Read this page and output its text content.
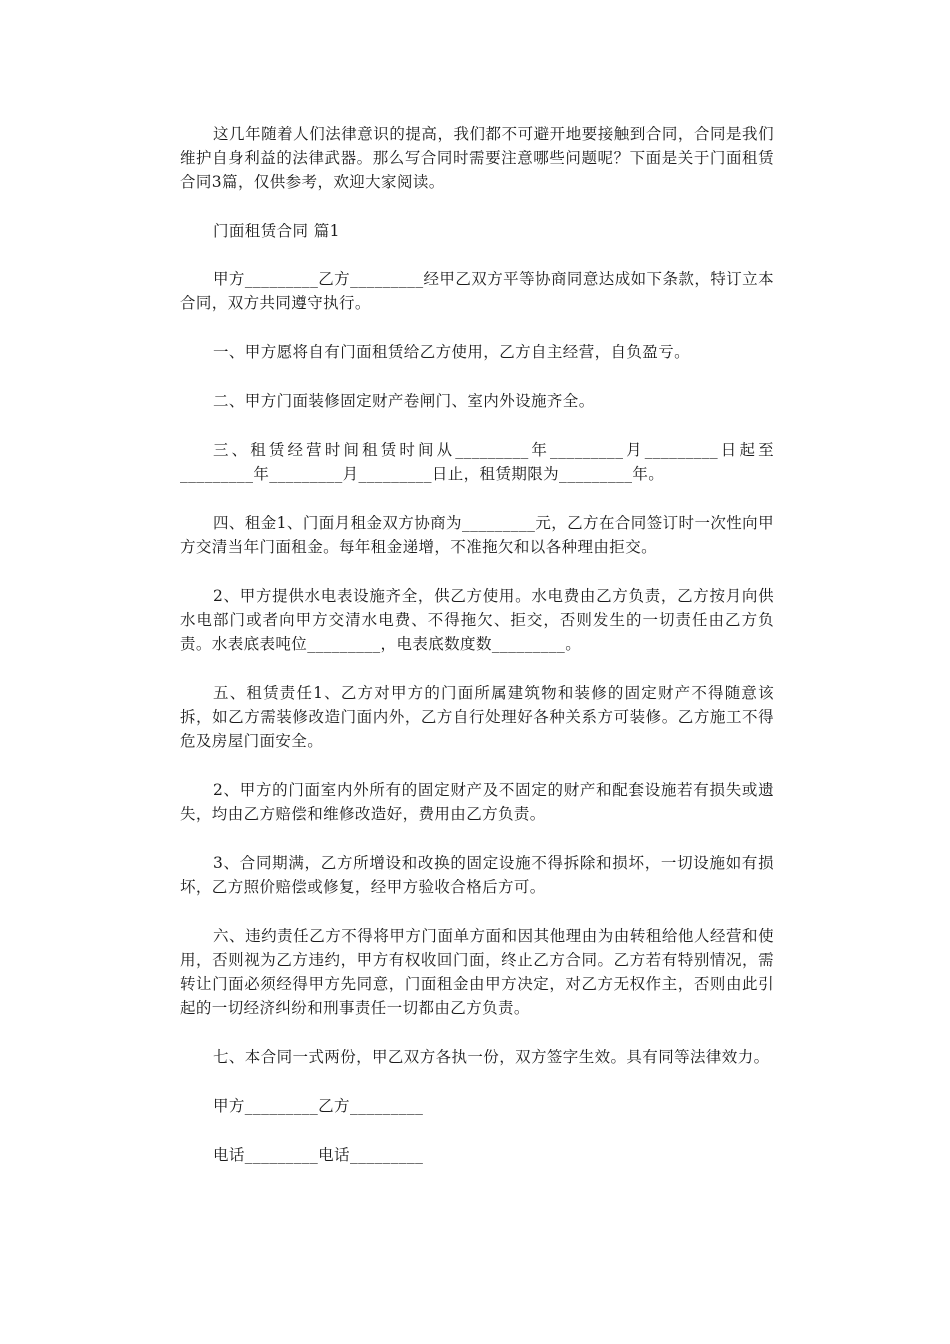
这几年随着人们法律意识的提高，我们都不可避开地要接触到合同，合同是我们维护自身利益的法律武器。那么写合同时需要注意哪些问题呢？下面是关于门面租赁合同3篇，仅供参考，欢迎大家阅读。

门面租赁合同 篇1

甲方_________乙方_________经甲乙双方平等协商同意达成如下条款，特订立本合同，双方共同遵守执行。

一、甲方愿将自有门面租赁给乙方使用，乙方自主经营，自负盈亏。

二、甲方门面装修固定财产卷闸门、室内外设施齐全。

三、租赁经营时间租赁时间从_________年_________月_________日起至_________年_________月_________日止，租赁期限为_________年。

四、租金1、门面月租金双方协商为_________元，乙方在合同签订时一次性向甲方交清当年门面租金。每年租金递增，不准拖欠和以各种理由拒交。

2、甲方提供水电表设施齐全，供乙方使用。水电费由乙方负责，乙方按月向供水电部门或者向甲方交清水电费、不得拖欠、拒交，否则发生的一切责任由乙方负责。水表底表吨位_________，电表底数度数_________。

五、租赁责任1、乙方对甲方的门面所属建筑物和装修的固定财产不得随意该拆，如乙方需装修改造门面内外，乙方自行处理好各种关系方可装修。乙方施工不得危及房屋门面安全。

2、甲方的门面室内外所有的固定财产及不固定的财产和配套设施若有损失或遗失，均由乙方赔偿和维修改造好，费用由乙方负责。

3、合同期满，乙方所增设和改换的固定设施不得拆除和损坏，一切设施如有损坏，乙方照价赔偿或修复，经甲方验收合格后方可。

六、违约责任乙方不得将甲方门面单方面和因其他理由为由转租给他人经营和使用，否则视为乙方违约，甲方有权收回门面，终止乙方合同。乙方若有特别情况，需转让门面必须经得甲方先同意，门面租金由甲方决定，对乙方无权作主，否则由此引起的一切经济纠纷和刑事责任一切都由乙方负责。

七、本合同一式两份，甲乙双方各执一份，双方签字生效。具有同等法律效力。

甲方_________乙方_________

电话_________电话_________
